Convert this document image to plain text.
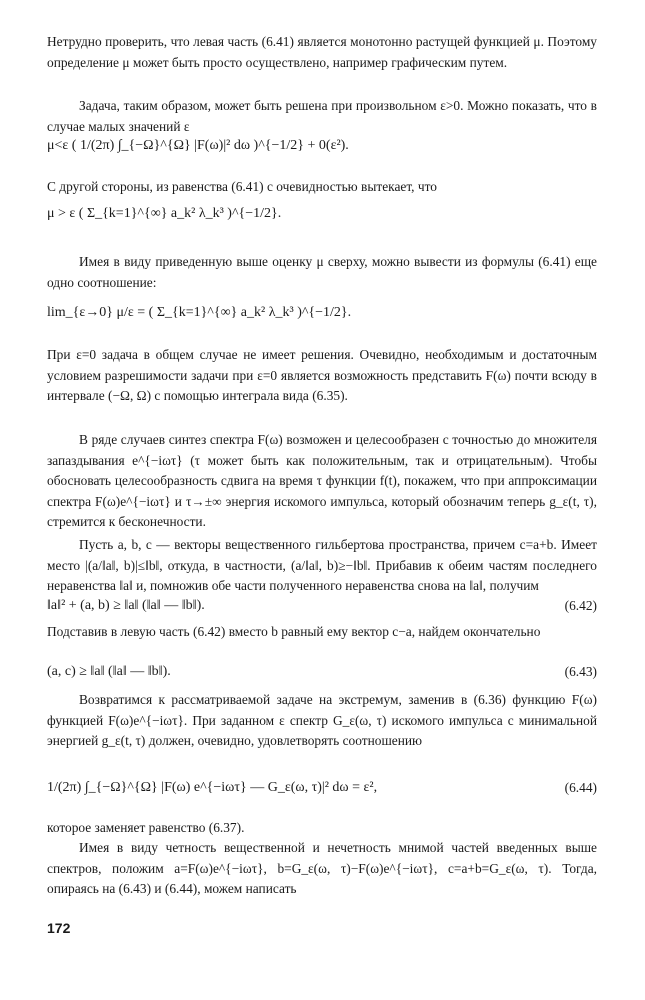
Нетрудно проверить, что левая часть (6.41) является монотонно растущей функцией μ. Поэтому определение μ может быть просто осуществлено, например графическим путем.

Задача, таким образом, может быть решена при произвольном ε>0. Можно показать, что в случае малых значений ε

μ<ε ( 1/(2π) ∫_{−Ω}^{Ω} |F(ω)|² dω )^{−1/2} + 0(ε²).

С другой стороны, из равенства (6.41) с очевидностью вытекает, что

μ > ε ( Σ_{k=1}^{∞} a_k² λ_k³ )^{−1/2}.

Имея в виду приведенную выше оценку μ сверху, можно вывести из формулы (6.41) еще одно соотношение:

lim_{ε→0} μ/ε = ( Σ_{k=1}^{∞} a_k² λ_k³ )^{−1/2}.

При ε=0 задача в общем случае не имеет решения. Очевидно, необходимым и достаточным условием разрешимости задачи при ε=0 является возможность представить F(ω) почти всюду в интервале (−Ω, Ω) с помощью интеграла вида (6.35).

В ряде случаев синтез спектра F(ω) возможен и целесообразен с точностью до множителя запаздывания e^{−iωτ} (τ может быть как положительным, так и отрицательным). Чтобы обосновать целесообразность сдвига на время τ функции f(t), покажем, что при аппроксимации спектра F(ω)e^{−iωτ} и τ→±∞ энергия искомого импульса, который обозначим теперь g_ε(t, τ), стремится к бесконечности.

Пусть a, b, c — векторы вещественного гильбертова пространства, причем c=a+b. Имеет место |(a/‖a‖, b)|≤‖b‖, откуда, в частности, (a/‖a‖, b)≥−‖b‖. Прибавив к обеим частям последнего неравенства ‖a‖ и, помножив обе части полученного неравенства снова на ‖a‖, получим

‖a‖² + (a, b) ≥ ‖a‖ (‖a‖ — ‖b‖).	(6.42)

Подставив в левую часть (6.42) вместо b равный ему вектор c−a, найдем окончательно

(a, c) ≥ ‖a‖ (‖a‖ — ‖b‖).	(6.43)

Возвратимся к рассматриваемой задаче на экстремум, заменив в (6.36) функцию F(ω) функцией F(ω)e^{−iωτ}. При заданном ε спектр G_ε(ω, τ) искомого импульса с минимальной энергией g_ε(t, τ) должен, очевидно, удовлетворять соотношению

1/(2π) ∫_{−Ω}^{Ω} |F(ω) e^{−iωτ} — G_ε(ω, τ)|² dω = ε²,	(6.44)

которое заменяет равенство (6.37).

Имея в виду четность вещественной и нечетность мнимой частей введенных выше спектров, положим a=F(ω)e^{−iωτ}, b=G_ε(ω, τ)−F(ω)e^{−iωτ}, c=a+b=G_ε(ω, τ). Тогда, опираясь на (6.43) и (6.44), можем написать

172
